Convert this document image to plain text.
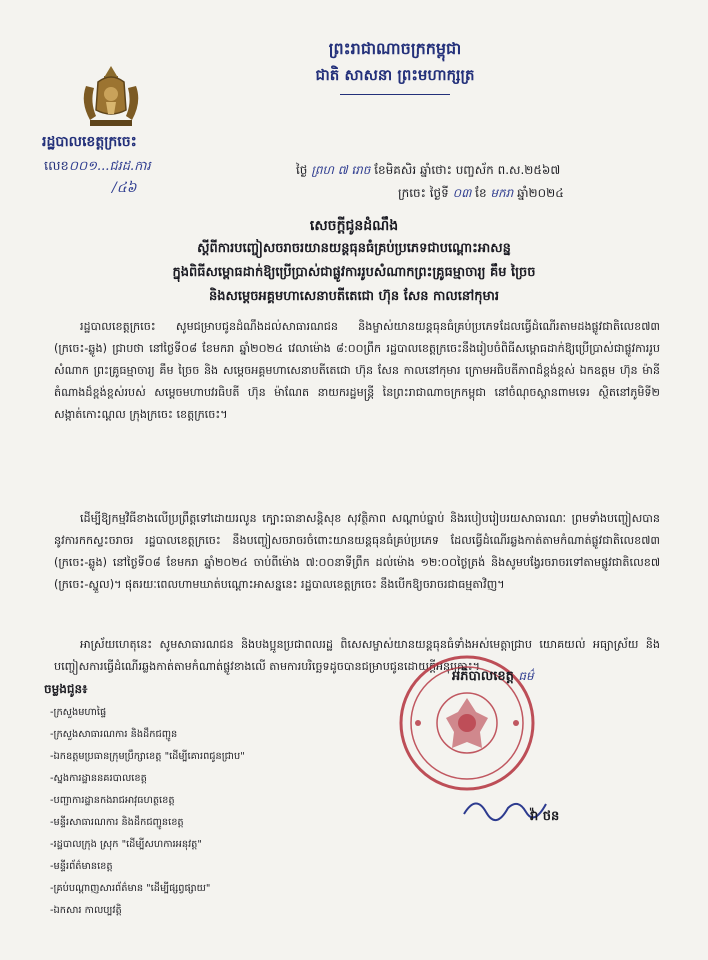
ព្រះរាជាណាចក្រកម្ពុជា
ជាតិ សាសនា ព្រះមហាក្សត្រ
រដ្ឋបាលខេត្តក្រចេះ
លេខ០០១...ជរដ.ការ
/៤៦
ថ្ងៃ ព្រហ ៧ រោច ខែមិគសិរ ឆ្នាំថោះ បញ្ចស័ក ព.ស.២៥៦៧
ក្រចេះ ថ្ងៃទី ០៣ ខែ មករា ឆ្នាំ២០២៤
សេចក្តីជូនដំណឹង
ស្តីពីការបញ្ចៀសចរាចរយានយន្តធុនធំគ្រប់ប្រភេទជាបណ្តោះអាសន្ន
ក្នុងពិធីសម្ពោធដាក់ឱ្យប្រើប្រាស់ជាផ្លូវការរូបសំណាកព្រះគ្រូធម្មាចារ្យ គឹម ច្រៃច
និងសម្តេចអគ្គមហាសេនាបតីតេជោ ហ៊ុន សែន កាលនៅកុមារ
រដ្ឋបាលខេត្តក្រចេះ សូមជម្រាបជូនដំណឹងដល់សាធារណជន និងម្ចាស់យានយន្តធុនធំគ្រប់ប្រភេទដែលធ្វើដំណើរតាមដងផ្លូវជាតិលេខ៧៣ (ក្រចេះ-ឆ្លូង) ជ្រាបថា នៅថ្ងៃទី០៨ ខែមករា ឆ្នាំ២០២៤ វេលាម៉ោង ៨:០០ព្រឹក រដ្ឋបាលខេត្តក្រចេះនឹងរៀបចំពិធីសម្ពោធដាក់ឱ្យប្រើប្រាស់ជាផ្លូវការរូបសំណាក ព្រះគ្រូធម្មាចារ្យ គឹម ច្រៃច និង សម្តេចអគ្គមហាសេនាបតីតេជោ ហ៊ុន សែន កាលនៅកុមារ ក្រោមអធិបតីភាពដ៏ខ្ពង់ខ្ពស់ ឯកឧត្តម ហ៊ុន ម៉ានី តំណាងដ៏ខ្ពង់ខ្ពស់របស់ សម្តេចមហាបវរធិបតី ហ៊ុន ម៉ាណែត នាយករដ្ឋមន្ត្រី នៃព្រះរាជាណាចក្រកម្ពុជា នៅចំណុចស្ពានពាមទេរ ស្ថិតនៅភូមិទី២ សង្កាត់កោះណ្ដល ក្រុងក្រចេះ ខេត្តក្រចេះ។
ដើម្បីឱ្យកម្មវិធីខាងលើប្រព្រឹត្តទៅដោយរលូន ក្បោះធានាសន្តិសុខ សុវត្ថិភាព សណ្តាប់ធ្នាប់ និងរបៀបរៀបរយសាធារណៈ ព្រមទាំងបញ្ចៀសបាននូវការកកស្ទះចរាចរ រដ្ឋបាលខេត្តក្រចេះ នឹងបញ្ចៀសចរាចរចំពោះយានយន្តធុនធំគ្រប់ប្រភេទ ដែលធ្វើដំណើរឆ្លងកាត់តាមកំណាត់ផ្លូវជាតិលេខ៧៣ (ក្រចេះ-ឆ្លូង) នៅថ្ងៃទី០៨ ខែមករា ឆ្នាំ២០២៤ ចាប់ពីម៉ោង ៧:០០នាទីព្រឹក ដល់ម៉ោង ១២:០០ថ្ងៃត្រង់ និងសូមបង្វែរចរាចរទៅតាមផ្លូវជាតិលេខ៧ (ក្រចេះ-ស្នួល)។ ផុតរយៈពេលហាមឃាត់បណ្តោះអាសន្ននេះ រដ្ឋបាលខេត្តក្រចេះ នឹងបើកឱ្យចរាចរជាធម្មតាវិញ។
អាស្រ័យហេតុនេះ សូមសាធារណជន និងបងប្អូនប្រជាពលរដ្ឋ ពិសេសម្ចាស់យានយន្តធុនធំទាំងអស់មេត្តាជ្រាប យោគយល់ អធ្យាស្រ័យ និងបញ្ចៀសការធ្វើដំណើរឆ្លងកាត់តាមកំណាត់ផ្លូវខាងលើ តាមការបរិច្ឆេទដូចបានជម្រាបជូនដោយក្តីអនុគ្រោះ។
អភិបាលខេត្ត ធម៌
វ៉ា ថន
ចម្លងជូន៖
-ក្រសួងមហាផ្ទៃ
-ក្រសួងសាធារណការ និងដឹកជញ្ជូន
-ឯកឧត្តមប្រធានក្រុមប្រឹក្សាខេត្ត "ដើម្បីគោរពជូនជ្រាប"
-ស្នងការដ្ឋាននគរបាលខេត្ត
-បញ្ជាការដ្ឋានកងរាជអាវុធហត្ថខេត្ត
-មន្ទីរសាធារណការ និងដឹកជញ្ជូនខេត្ត
-រដ្ឋបាលក្រុង ស្រុក "ដើម្បីសហការអនុវត្ត"
-មន្ទីរព័ត៌មានខេត្ត
-គ្រប់បណ្តាញសារព័ត៌មាន "ដើម្បីផ្សព្វផ្សាយ"
-ឯកសារ កាលប្បវត្តិ
